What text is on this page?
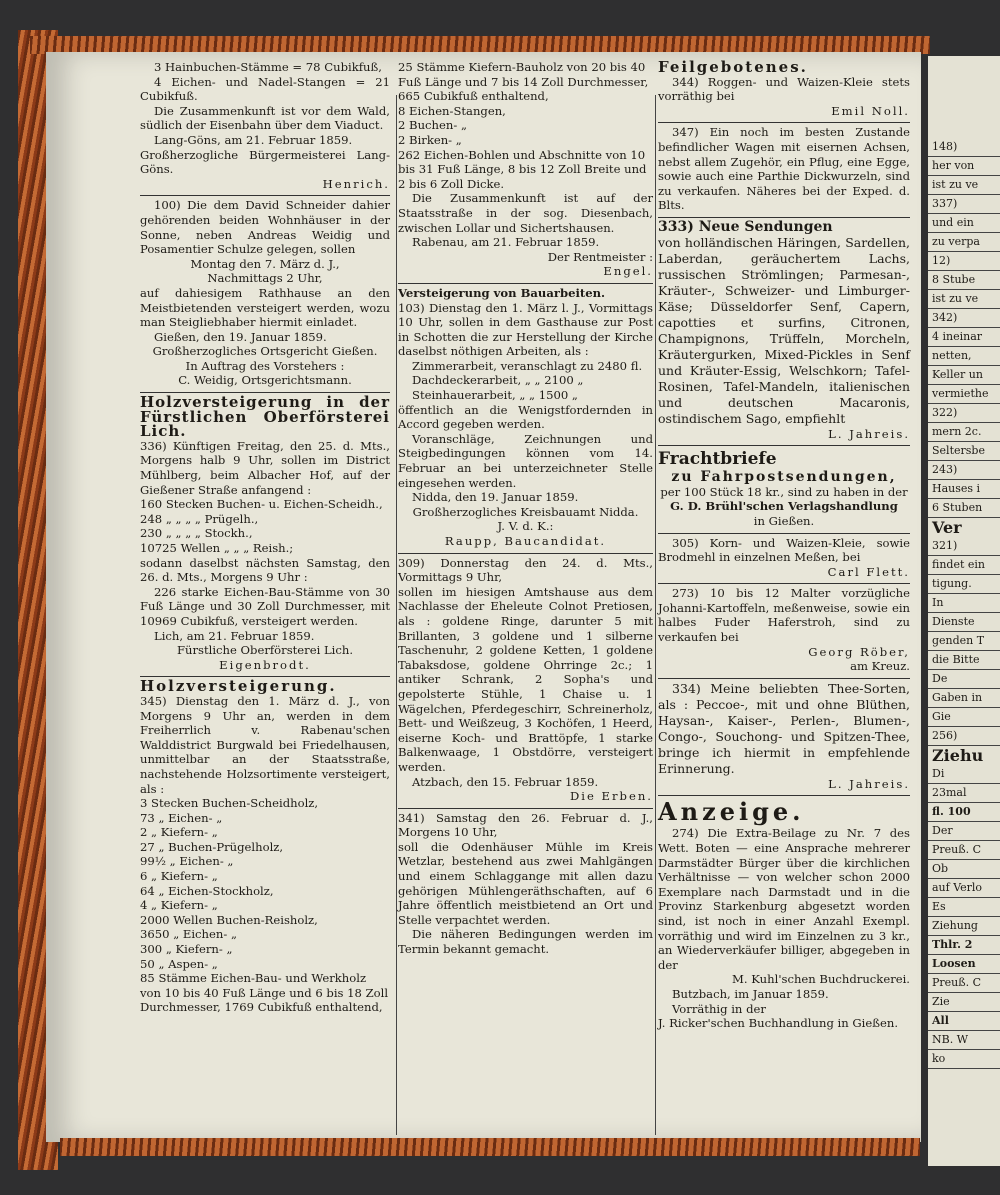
3 Hainbuchen-Stämme = 78 Cubikfuß,

4 Eichen- und Nadel-Stangen = 21 Cubikfuß.

Die Zusammenkunft ist vor dem Wald, südlich der Eisenbahn über dem Viaduct.

Lang-Göns, am 21. Februar 1859.

Großherzogliche Bürgermeisterei Lang-Göns.

Henrich.

100) Die dem David Schneider dahier gehörenden beiden Wohnhäuser in der Sonne, neben Andreas Weidig und Posamentier Schulze gelegen, sollen

Montag den 7. März d. J.,

Nachmittags 2 Uhr,

auf dahiesigem Rathhause an den Meistbietenden versteigert werden, wozu man Steigliebhaber hiermit einladet.

Gießen, den 19. Januar 1859.

Großherzogliches Ortsgericht Gießen.

In Auftrag des Vorstehers :

C. Weidig, Ortsgerichtsmann.

Holzversteigerung in der Fürstlichen Oberförsterei Lich.

336) Künftigen Freitag, den 25. d. Mts., Morgens halb 9 Uhr, sollen im District Mühlberg, beim Albacher Hof, auf der Gießener Straße anfangend :

160 Stecken Buchen- u. Eichen-Scheidh.,
248 „ „ „ „ Prügelh.,
230 „ „ „ „ Stockh.,
10725 Wellen „ „ „ Reish.;

sodann daselbst nächsten Samstag, den 26. d. Mts., Morgens 9 Uhr :

226 starke Eichen-Bau-Stämme von 30 Fuß Länge und 30 Zoll Durchmesser, mit 10969 Cubikfuß, versteigert werden.

Lich, am 21. Februar 1859.

Fürstliche Oberförsterei Lich.

Eigenbrodt.

Holzversteigerung.

345) Dienstag den 1. März d. J., von Morgens 9 Uhr an, werden in dem Freiherrlich v. Rabenau'schen Walddistrict Burgwald bei Friedelhausen, unmittelbar an der Staatsstraße, nachstehende Holzsortimente versteigert, als :

3 Stecken Buchen-Scheidholz,
73 „ Eichen- „
2 „ Kiefern- „
27 „ Buchen-Prügelholz,
99½ „ Eichen- „
6 „ Kiefern- „
64 „ Eichen-Stockholz,
4 „ Kiefern- „
2000 Wellen Buchen-Reisholz,
3650 „ Eichen- „
300 „ Kiefern- „
50 „ Aspen- „
85 Stämme Eichen-Bau- und Werkholz von 10 bis 40 Fuß Länge und 6 bis 18 Zoll Durchmesser, 1769 Cubikfuß enthaltend,
25 Stämme Kiefern-Bauholz von 20 bis 40 Fuß Länge und 7 bis 14 Zoll Durchmesser, 665 Cubikfuß enthaltend,
8 Eichen-Stangen,
2 Buchen- „
2 Birken- „
262 Eichen-Bohlen und Abschnitte von 10 bis 31 Fuß Länge, 8 bis 12 Zoll Breite und 2 bis 6 Zoll Dicke.

Die Zusammenkunft ist auf der Staatsstraße in der sog. Diesenbach, zwischen Lollar und Sichertshausen.

Rabenau, am 21. Februar 1859.

Der Rentmeister :

Engel.

Versteigerung von Bauarbeiten.

103) Dienstag den 1. März l. J., Vormittags 10 Uhr, sollen in dem Gasthause zur Post in Schotten die zur Herstellung der Kirche daselbst nöthigen Arbeiten, als :

Zimmerarbeit, veranschlagt zu 2480 fl.
Dachdeckerarbeit, „ „ 2100 „
Steinhauerarbeit, „ „ 1500 „

öffentlich an die Wenigstfordernden in Accord gegeben werden.

Voranschläge, Zeichnungen und Steigbedingungen können vom 14. Februar an bei unterzeichneter Stelle eingesehen werden.

Nidda, den 19. Januar 1859.

Großherzogliches Kreisbauamt Nidda.

J. V. d. K.:

Raupp, Baucandidat.

309) Donnerstag den 24. d. Mts., Vormittags 9 Uhr,

sollen im hiesigen Amtshause aus dem Nachlasse der Eheleute Colnot Pretiosen, als : goldene Ringe, darunter 5 mit Brillanten, 3 goldene und 1 silberne Taschenuhr, 2 goldene Ketten, 1 goldene Tabaksdose, goldene Ohrringe 2c.; 1 antiker Schrank, 2 Sopha's und gepolsterte Stühle, 1 Chaise u. 1 Wägelchen, Pferdegeschirr, Schreinerholz, Bett- und Weißzeug, 3 Kochöfen, 1 Heerd, eiserne Koch- und Brattöpfe, 1 starke Balkenwaage, 1 Obstdörre, versteigert werden.

Atzbach, den 15. Februar 1859.

Die Erben.

341) Samstag den 26. Februar d. J., Morgens 10 Uhr,

soll die Odenhäuser Mühle im Kreis Wetzlar, bestehend aus zwei Mahlgängen und einem Schlaggange mit allen dazu gehörigen Mühlengeräthschaften, auf 6 Jahre öffentlich meistbietend an Ort und Stelle verpachtet werden.

Die näheren Bedingungen werden im Termin bekannt gemacht.

Feilgebotenes.

344) Roggen- und Waizen-Kleie stets vorräthig bei

Emil Noll.

347) Ein noch im besten Zustande befindlicher Wagen mit eisernen Achsen, nebst allem Zugehör, ein Pflug, eine Egge, sowie auch eine Parthie Dickwurzeln, sind zu verkaufen. Näheres bei der Exped. d. Blts.

333) Neue Sendungen

von holländischen Häringen, Sardellen, Laberdan, geräuchertem Lachs, russischen Strömlingen; Parmesan-, Kräuter-, Schweizer- und Limburger-Käse; Düsseldorfer Senf, Capern, capotties et surfins, Citronen, Champignons, Trüffeln, Morcheln, Kräutergurken, Mixed-Pickles in Senf und Kräuter-Essig, Welschkorn; Tafel-Rosinen, Tafel-Mandeln, italienischen und deutschen Macaronis, ostindischem Sago, empfiehlt

L. Jahreis.

Frachtbriefe

zu Fahrpostsendungen,

per 100 Stück 18 kr., sind zu haben in der

G. D. Brühl'schen Verlagshandlung

in Gießen.

305) Korn- und Waizen-Kleie, sowie Brodmehl in einzelnen Meßen, bei

Carl Flett.

273) 10 bis 12 Malter vorzügliche Johanni-Kartoffeln, meßenweise, sowie ein halbes Fuder Haferstroh, sind zu verkaufen bei

Georg Röber,

am Kreuz.

334) Meine beliebten Thee-Sorten, als : Peccoe-, mit und ohne Blüthen, Haysan-, Kaiser-, Perlen-, Blumen-, Congo-, Souchong- und Spitzen-Thee, bringe ich hiermit in empfehlende Erinnerung.

L. Jahreis.

Anzeige.

274) Die Extra-Beilage zu Nr. 7 des Wett. Boten — eine Ansprache mehrerer Darmstädter Bürger über die kirchlichen Verhältnisse — von welcher schon 2000 Exemplare nach Darmstadt und in die Provinz Starkenburg abgesetzt worden sind, ist noch in einer Anzahl Exempl. vorräthig und wird im Einzelnen zu 3 kr., an Wiederverkäufer billiger, abgegeben in der

M. Kuhl'schen Buchdruckerei.

Butzbach, im Januar 1859.

Vorräthig in der

J. Ricker'schen Buchhandlung in Gießen.

148)
her von
ist zu ve
337)
und ein
zu verpa
12)
8 Stube
ist zu ve
342)
4 ineinar
netten,
Keller un
vermiethe
322)
mern 2c.
Seltersbe
243)
Hauses i
6 Stuben
Ver
321)
findet ein
tigung.
In
Dienste
genden T
die Bitte
De
Gaben in
Gie
256)
Ziehu
Di
23mal
fl. 100
Der
Preuß. C
Ob
auf Verlo
Es
Ziehung
Thlr. 2
Loosen
Preuß. C
Zie
All
NB. W
ko
